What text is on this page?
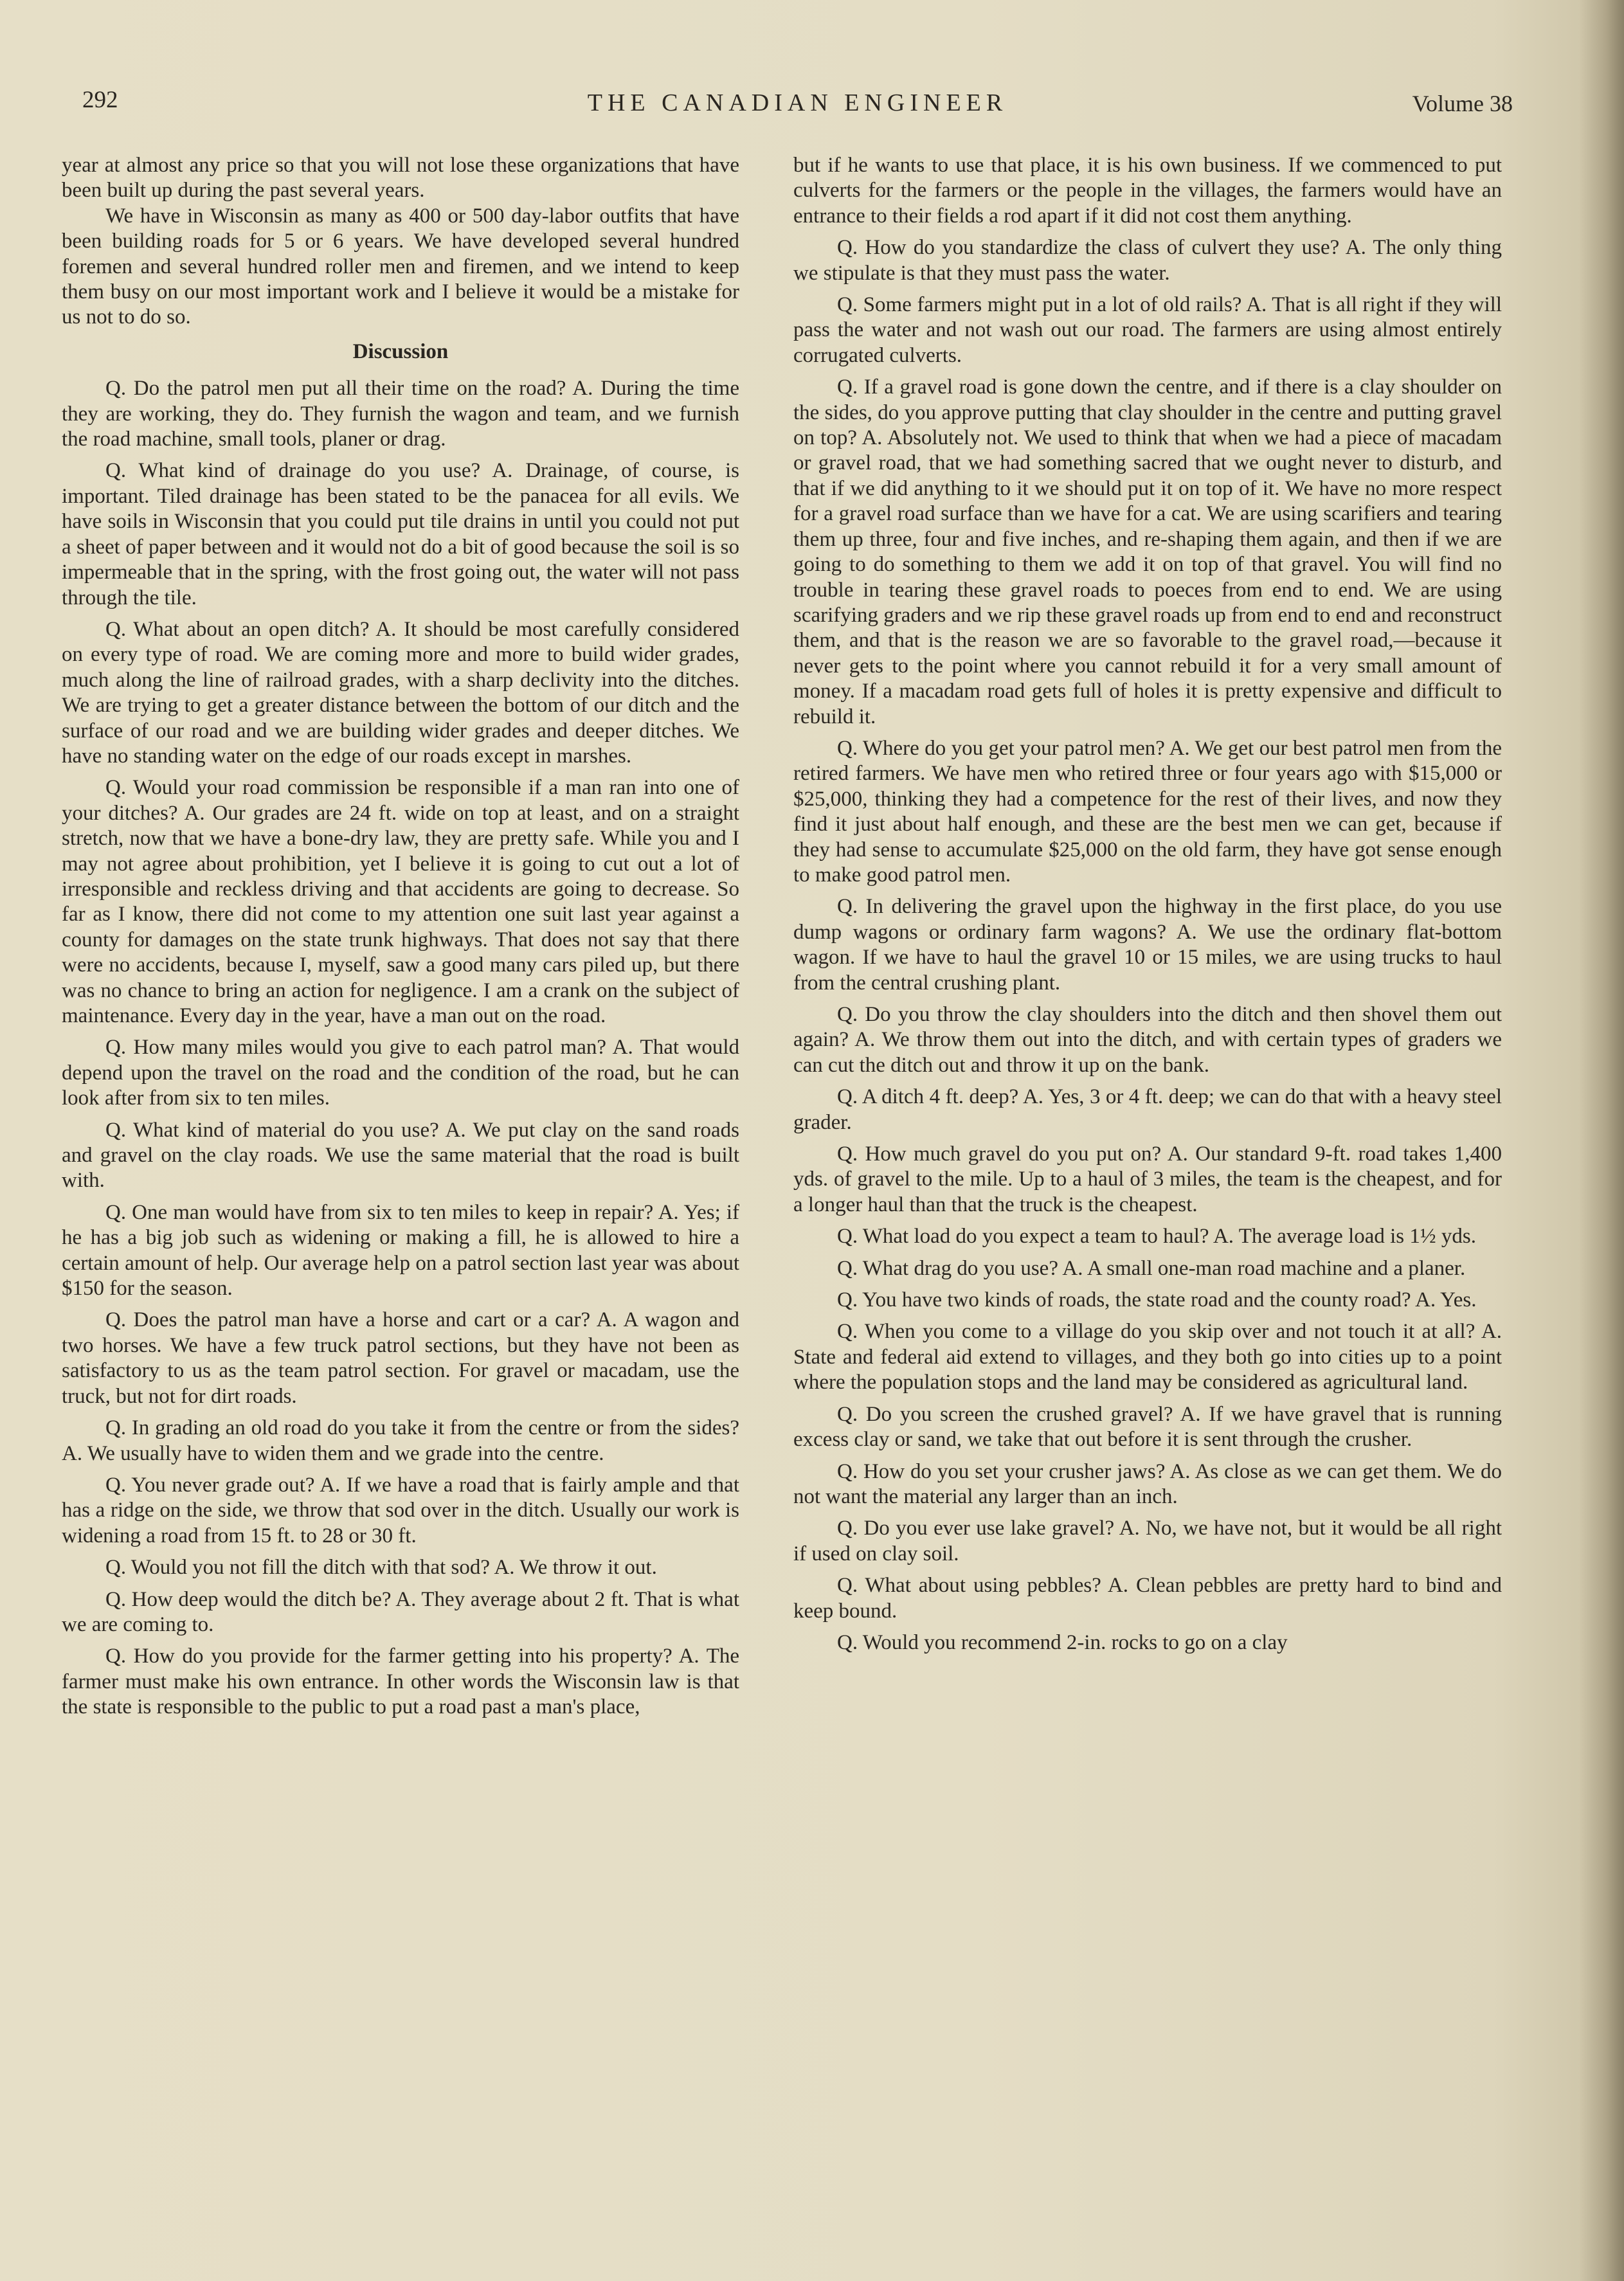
292	THE CANADIAN ENGINEER	Volume 38

year at almost any price so that you will not lose these organizations that have been built up during the past several years.

We have in Wisconsin as many as 400 or 500 day-labor outfits that have been building roads for 5 or 6 years. We have developed several hundred foremen and several hundred roller men and firemen, and we intend to keep them busy on our most important work and I believe it would be a mistake for us not to do so.

Discussion

Q. Do the patrol men put all their time on the road? A. During the time they are working, they do. They furnish the wagon and team, and we furnish the road machine, small tools, planer or drag.

Q. What kind of drainage do you use? A. Drainage, of course, is important. Tiled drainage has been stated to be the panacea for all evils. We have soils in Wisconsin that you could put tile drains in until you could not put a sheet of paper between and it would not do a bit of good because the soil is so impermeable that in the spring, with the frost going out, the water will not pass through the tile.

Q. What about an open ditch? A. It should be most carefully considered on every type of road. We are coming more and more to build wider grades, much along the line of railroad grades, with a sharp declivity into the ditches. We are trying to get a greater distance between the bottom of our ditch and the surface of our road and we are building wider grades and deeper ditches. We have no standing water on the edge of our roads except in marshes.

Q. Would your road commission be responsible if a man ran into one of your ditches? A. Our grades are 24 ft. wide on top at least, and on a straight stretch, now that we have a bone-dry law, they are pretty safe. While you and I may not agree about prohibition, yet I believe it is going to cut out a lot of irresponsible and reckless driving and that accidents are going to decrease. So far as I know, there did not come to my attention one suit last year against a county for damages on the state trunk highways. That does not say that there were no accidents, because I, myself, saw a good many cars piled up, but there was no chance to bring an action for negligence. I am a crank on the subject of maintenance. Every day in the year, have a man out on the road.

Q. How many miles would you give to each patrol man? A. That would depend upon the travel on the road and the condition of the road, but he can look after from six to ten miles.

Q. What kind of material do you use? A. We put clay on the sand roads and gravel on the clay roads. We use the same material that the road is built with.

Q. One man would have from six to ten miles to keep in repair? A. Yes; if he has a big job such as widening or making a fill, he is allowed to hire a certain amount of help. Our average help on a patrol section last year was about $150 for the season.

Q. Does the patrol man have a horse and cart or a car? A. A wagon and two horses. We have a few truck patrol sections, but they have not been as satisfactory to us as the team patrol section. For gravel or macadam, use the truck, but not for dirt roads.

Q. In grading an old road do you take it from the centre or from the sides? A. We usually have to widen them and we grade into the centre.

Q. You never grade out? A. If we have a road that is fairly ample and that has a ridge on the side, we throw that sod over in the ditch. Usually our work is widening a road from 15 ft. to 28 or 30 ft.

Q. Would you not fill the ditch with that sod? A. We throw it out.

Q. How deep would the ditch be? A. They average about 2 ft. That is what we are coming to.

Q. How do you provide for the farmer getting into his property? A. The farmer must make his own entrance. In other words the Wisconsin law is that the state is responsible to the public to put a road past a man's place,

but if he wants to use that place, it is his own business. If we commenced to put culverts for the farmers or the people in the villages, the farmers would have an entrance to their fields a rod apart if it did not cost them anything.

Q. How do you standardize the class of culvert they use? A. The only thing we stipulate is that they must pass the water.

Q. Some farmers might put in a lot of old rails? A. That is all right if they will pass the water and not wash out our road. The farmers are using almost entirely corrugated culverts.

Q. If a gravel road is gone down the centre, and if there is a clay shoulder on the sides, do you approve putting that clay shoulder in the centre and putting gravel on top? A. Absolutely not. We used to think that when we had a piece of macadam or gravel road, that we had something sacred that we ought never to disturb, and that if we did anything to it we should put it on top of it. We have no more respect for a gravel road surface than we have for a cat. We are using scarifiers and tearing them up three, four and five inches, and re-shaping them again, and then if we are going to do something to them we add it on top of that gravel. You will find no trouble in tearing these gravel roads to poeces from end to end. We are using scarifying graders and we rip these gravel roads up from end to end and reconstruct them, and that is the reason we are so favorable to the gravel road,—because it never gets to the point where you cannot rebuild it for a very small amount of money. If a macadam road gets full of holes it is pretty expensive and difficult to rebuild it.

Q. Where do you get your patrol men? A. We get our best patrol men from the retired farmers. We have men who retired three or four years ago with $15,000 or $25,000, thinking they had a competence for the rest of their lives, and now they find it just about half enough, and these are the best men we can get, because if they had sense to accumulate $25,000 on the old farm, they have got sense enough to make good patrol men.

Q. In delivering the gravel upon the highway in the first place, do you use dump wagons or ordinary farm wagons? A. We use the ordinary flat-bottom wagon. If we have to haul the gravel 10 or 15 miles, we are using trucks to haul from the central crushing plant.

Q. Do you throw the clay shoulders into the ditch and then shovel them out again? A. We throw them out into the ditch, and with certain types of graders we can cut the ditch out and throw it up on the bank.

Q. A ditch 4 ft. deep? A. Yes, 3 or 4 ft. deep; we can do that with a heavy steel grader.

Q. How much gravel do you put on? A. Our standard 9-ft. road takes 1,400 yds. of gravel to the mile. Up to a haul of 3 miles, the team is the cheapest, and for a longer haul than that the truck is the cheapest.

Q. What load do you expect a team to haul? A. The average load is 1½ yds.

Q. What drag do you use? A. A small one-man road machine and a planer.

Q. You have two kinds of roads, the state road and the county road? A. Yes.

Q. When you come to a village do you skip over and not touch it at all? A. State and federal aid extend to villages, and they both go into cities up to a point where the population stops and the land may be considered as agricultural land.

Q. Do you screen the crushed gravel? A. If we have gravel that is running excess clay or sand, we take that out before it is sent through the crusher.

Q. How do you set your crusher jaws? A. As close as we can get them. We do not want the material any larger than an inch.

Q. Do you ever use lake gravel? A. No, we have not, but it would be all right if used on clay soil.

Q. What about using pebbles? A. Clean pebbles are pretty hard to bind and keep bound.

Q. Would you recommend 2-in. rocks to go on a clay
